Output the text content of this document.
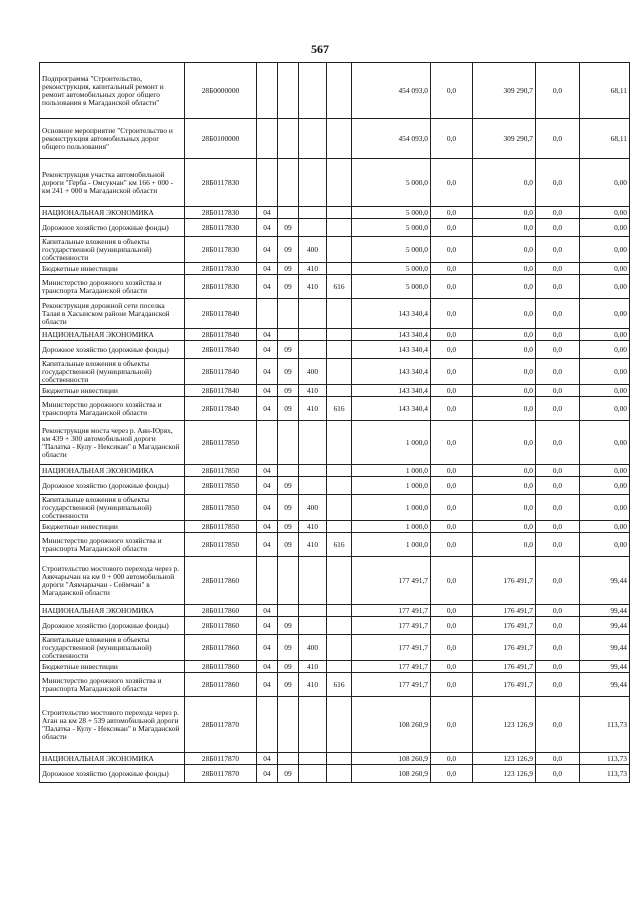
567
Подпрограмма "Строительство, реконструкция, капитальный ремонт и ремонт автомобильных дорог общего пользования в Магаданской области"	28Б0000000					454 093,0	0,0	309 290,7	0,0	68,11
Основное мероприятие "Строительство и реконструкция автомобильных дорог общего пользования"	28Б0100000					454 093,0	0,0	309 290,7	0,0	68,11
Реконструкция участка автомобильной дороги "Герба - Омсукчан" км 166 + 000 - км 241 + 000 в Магаданской области	28Б0117830					5 000,0	0,0	0,0	0,0	0,00
НАЦИОНАЛЬНАЯ ЭКОНОМИКА	28Б0117830	04				5 000,0	0,0	0,0	0,0	0,00
Дорожное хозяйство (дорожные фонды)	28Б0117830	04	09			5 000,0	0,0	0,0	0,0	0,00
Капитальные вложения в объекты государственной (муниципальной) собственности	28Б0117830	04	09	400		5 000,0	0,0	0,0	0,0	0,00
Бюджетные инвестиции	28Б0117830	04	09	410		5 000,0	0,0	0,0	0,0	0,00
Министерство дорожного хозяйства и транспорта Магаданской области	28Б0117830	04	09	410	616	5 000,0	0,0	0,0	0,0	0,00
Реконструкция дорожной сети поселка Талая в Хасынском районе Магаданской области	28Б0117840					143 340,4	0,0	0,0	0,0	0,00
НАЦИОНАЛЬНАЯ ЭКОНОМИКА	28Б0117840	04				143 340,4	0,0	0,0	0,0	0,00
Дорожное хозяйство (дорожные фонды)	28Б0117840	04	09			143 340,4	0,0	0,0	0,0	0,00
Капитальные вложения в объекты государственной (муниципальной) собственности	28Б0117840	04	09	400		143 340,4	0,0	0,0	0,0	0,00
Бюджетные инвестиции	28Б0117840	04	09	410		143 340,4	0,0	0,0	0,0	0,00
Министерство дорожного хозяйства и транспорта Магаданской области	28Б0117840	04	09	410	616	143 340,4	0,0	0,0	0,0	0,00
Реконструкция моста через р. Аян-Юрях, км 439 + 300 автомобильной дороги "Палатка - Кулу - Нексикан" в Магаданской области	28Б0117850					1 000,0	0,0	0,0	0,0	0,00
НАЦИОНАЛЬНАЯ ЭКОНОМИКА	28Б0117850	04				1 000,0	0,0	0,0	0,0	0,00
Дорожное хозяйство (дорожные фонды)	28Б0117850	04	09			1 000,0	0,0	0,0	0,0	0,00
Капитальные вложения в объекты государственной (муниципальной) собственности	28Б0117850	04	09	400		1 000,0	0,0	0,0	0,0	0,00
Бюджетные инвестиции	28Б0117850	04	09	410		1 000,0	0,0	0,0	0,0	0,00
Министерство дорожного хозяйства и транспорта Магаданской области	28Б0117850	04	09	410	616	1 000,0	0,0	0,0	0,0	0,00
Строительство мостового перехода через р. Аякчарычан на км 0 + 000 автомобильной дороги "Аякчарычан - Сеймчан" в Магаданской области	28Б0117860					177 491,7	0,0	176 491,7	0,0	99,44
НАЦИОНАЛЬНАЯ ЭКОНОМИКА	28Б0117860	04				177 491,7	0,0	176 491,7	0,0	99,44
Дорожное хозяйство (дорожные фонды)	28Б0117860	04	09			177 491,7	0,0	176 491,7	0,0	99,44
Капитальные вложения в объекты государственной (муниципальной) собственности	28Б0117860	04	09	400		177 491,7	0,0	176 491,7	0,0	99,44
Бюджетные инвестиции	28Б0117860	04	09	410		177 491,7	0,0	176 491,7	0,0	99,44
Министерство дорожного хозяйства и транспорта Магаданской области	28Б0117860	04	09	410	616	177 491,7	0,0	176 491,7	0,0	99,44
Строительство мостового перехода через р. Аган на км 28 + 539 автомобильной дороги "Палатка - Кулу - Нексикан" в Магаданской области	28Б0117870					108 260,9	0,0	123 126,9	0,0	113,73
НАЦИОНАЛЬНАЯ ЭКОНОМИКА	28Б0117870	04				108 260,9	0,0	123 126,9	0,0	113,73
Дорожное хозяйство (дорожные фонды)	28Б0117870	04	09			108 260,9	0,0	123 126,9	0,0	113,73
